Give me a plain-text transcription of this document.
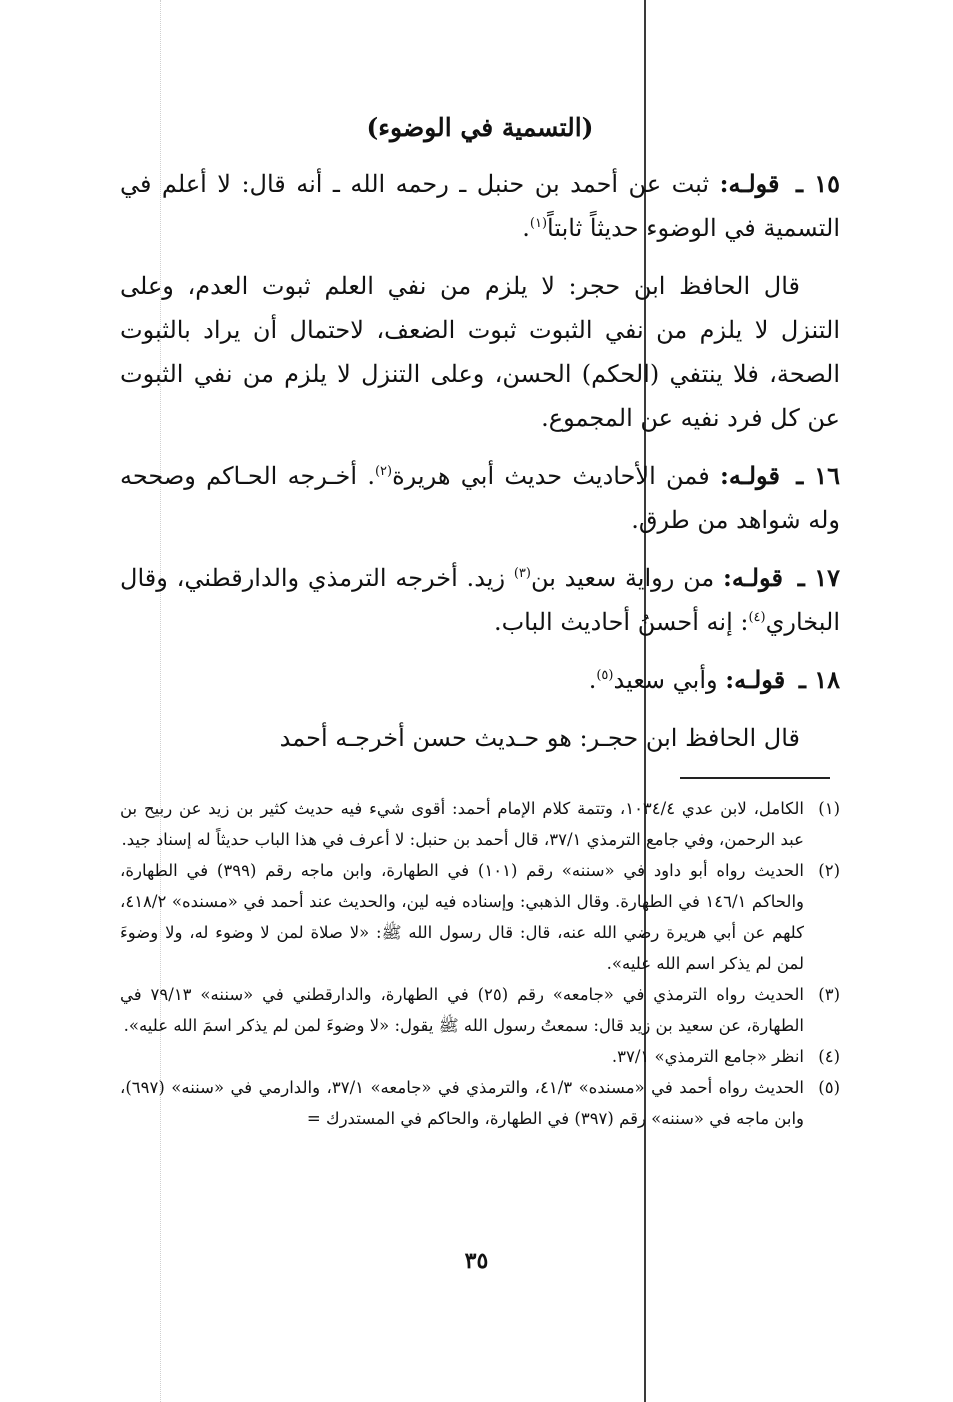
(التسمية في الوضوء)
١٥ ـ قولـه: ثبت عن أحمد بن حنبل ـ رحمه الله ـ أنه قال: لا أعلم في التسمية في الوضوء حديثاً ثابتاً$^{(١)}$.
قال الحافظ ابن حجر: لا يلزم من نفي العلم ثبوت العدم، وعلى التنزل لا يلزم من نفي الثبوت ثبوت الضعف، لاحتمال أن يراد بالثبوت الصحة، فلا ينتفي (الحكم) الحسن، وعلى التنزل لا يلزم من نفي الثبوت عن كل فرد نفيه عن المجموع.
١٦ ـ قولـه: فمن الأحاديث حديث أبي هريرة$^{(٢)}$. أخـرجه الحـاكم وصححه وله شواهد من طرق.
١٧ ـ قولـه: من رواية سعيد بن$^{(٣)}$ زيد. أخرجه الترمذي والدارقطني، وقال البخاري$^{(٤)}$: إنه أحسنُ أحاديث الباب.
١٨ ـ قولـه: وأبي سعيد$^{(٥)}$.
قال الحافظ ابن حجـر: هو حـديث حسن أخرجـه أحمد

(١)الكامل، لابن عدي ١٠٣٤/٤، وتتمة كلام الإمام أحمد: أقوى شيء فيه حديث كثير بن زيد عن ربيح بن عبد الرحمن، وفي جامع الترمذي ٣٧/١، قال أحمد بن حنبل: لا أعرف في هذا الباب حديثاً له إسناد جيد.

(٢)الحديث رواه أبو داود في «سننه» رقم (١٠١) في الطهارة، وابن ماجه رقم (٣٩٩) في الطهارة، والحاكم ١٤٦/١ في الطهارة. وقال الذهبي: وإسناده فيه لين، والحديث عند أحمد في «مسنده» ٤١٨/٢، كلهم عن أبي هريرة رضي الله عنه، قال: قال رسول الله ﷺ: «لا صلاة لمن لا وضوء له، ولا وضوءَ لمن لم يذكر اسم الله عليه».

(٣)الحديث رواه الترمذي في «جامعه» رقم (٢٥) في الطهارة، والدارقطني في «سننه» ٧٩/١٣ في الطهارة، عن سعيد بن زيد قال: سمعتُ رسول الله ﷺ يقول: «لا وضوءَ لمن لم يذكر اسمَ الله عليه».

(٤)انظر «جامع الترمذي» ٣٧/١.

(٥)الحديث رواه أحمد في «مسنده» ٤١/٣، والترمذي في «جامعه» ٣٧/١، والدارمي في «سننه» (٦٩٧)، وابن ماجه في «سننه» رقم (٣٩٧) في الطهارة، والحاكم في المستدرك =

٣٥
